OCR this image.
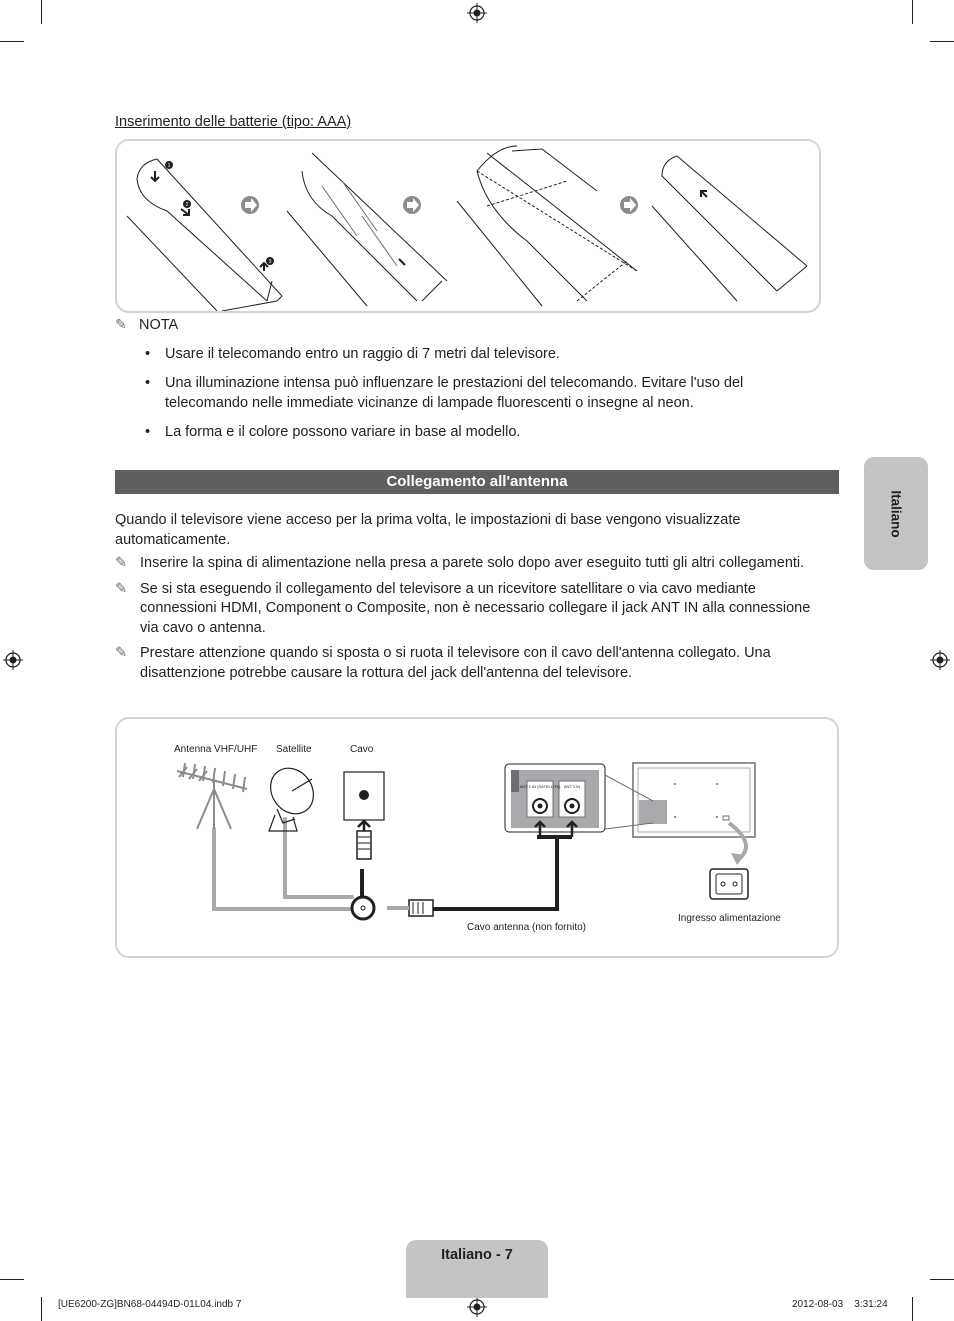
Inserimento delle batterie (tipo: AAA)
1
2
3
✎ NOTA
• Usare il telecomando entro un raggio di 7 metri dal televisore.
• Una illuminazione intensa può influenzare le prestazioni del telecomando. Evitare l'uso del telecomando nelle immediate vicinanze di lampade fluorescenti o insegne al neon.
• La forma e il colore possono variare in base al modello.
Collegamento all'antenna
Quando il televisore viene acceso per la prima volta, le impostazioni di base vengono visualizzate automaticamente.
✎ Inserire la spina di alimentazione nella presa a parete solo dopo aver eseguito tutti gli altri collegamenti.
✎ Se si sta eseguendo il collegamento del televisore a un ricevitore satellitare o via cavo mediante connessioni HDMI, Component o Composite, non è necessario collegare il jack ANT IN alla connessione via cavo o antenna.
✎ Prestare attenzione quando si sposta o si ruota il televisore con il cavo dell'antenna collegato. Una disattenzione potrebbe causare la rottura del jack dell'antenna del televisore.
Italiano
Antenna VHF/UHF Satellite	Cavo
Cavo antenna (non fornito)
Ingresso alimentazione
ANT 2 IN (SATELLITE) ANT 1 IN
Italiano - 7
[UE6200-ZG]BN68-04494D-01L04.indb 7	2012-08-03    3:31:24
